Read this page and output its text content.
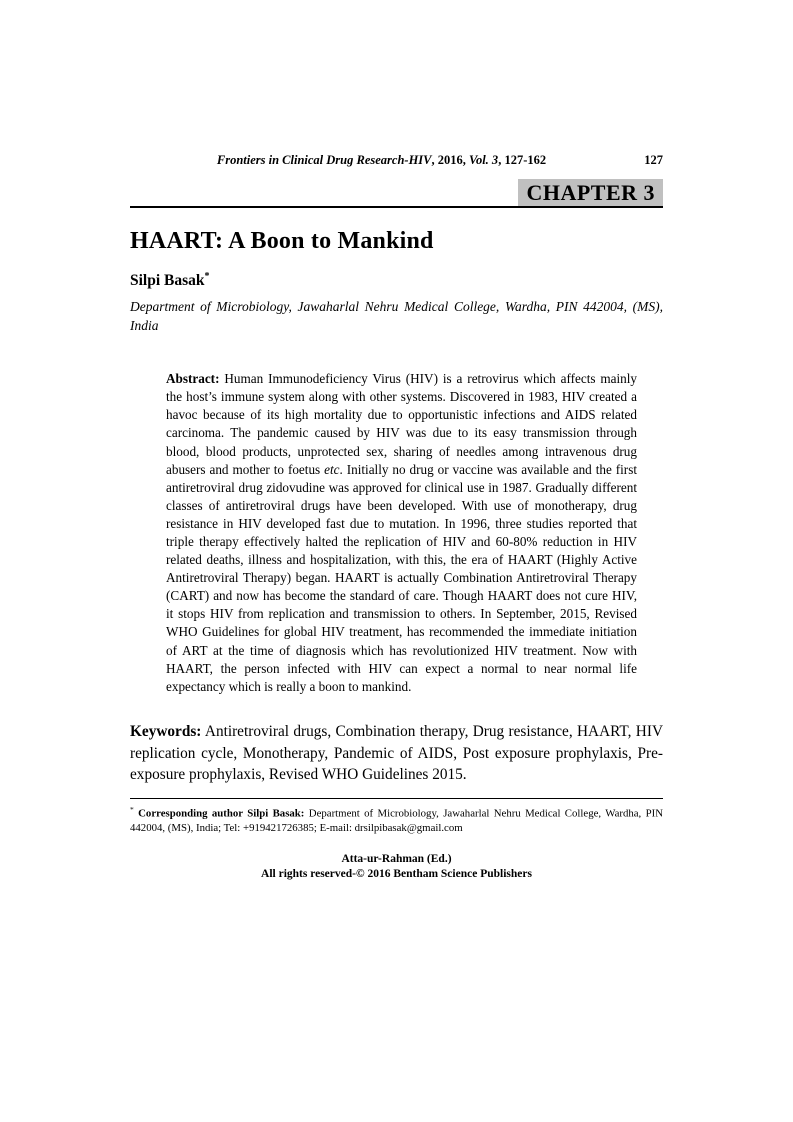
Frontiers in Clinical Drug Research-HIV, 2016, Vol. 3, 127-162	127
CHAPTER 3
HAART: A Boon to Mankind
Silpi Basak*
Department of Microbiology, Jawaharlal Nehru Medical College, Wardha, PIN 442004, (MS), India
Abstract: Human Immunodeficiency Virus (HIV) is a retrovirus which affects mainly the host’s immune system along with other systems. Discovered in 1983, HIV created a havoc because of its high mortality due to opportunistic infections and AIDS related carcinoma. The pandemic caused by HIV was due to its easy transmission through blood, blood products, unprotected sex, sharing of needles among intravenous drug abusers and mother to foetus etc. Initially no drug or vaccine was available and the first antiretroviral drug zidovudine was approved for clinical use in 1987. Gradually different classes of antiretroviral drugs have been developed. With use of monotherapy, drug resistance in HIV developed fast due to mutation. In 1996, three studies reported that triple therapy effectively halted the replication of HIV and 60-80% reduction in HIV related deaths, illness and hospitalization, with this, the era of HAART (Highly Active Antiretroviral Therapy) began. HAART is actually Combination Antiretroviral Therapy (CART) and now has become the standard of care. Though HAART does not cure HIV, it stops HIV from replication and transmission to others. In September, 2015, Revised WHO Guidelines for global HIV treatment, has recommended the immediate initiation of ART at the time of diagnosis which has revolutionized HIV treatment. Now with HAART, the person infected with HIV can expect a normal to near normal life expectancy which is really a boon to mankind.
Keywords: Antiretroviral drugs, Combination therapy, Drug resistance, HAART, HIV replication cycle, Monotherapy, Pandemic of AIDS, Post exposure prophylaxis, Pre-exposure prophylaxis, Revised WHO Guidelines 2015.
* Corresponding author Silpi Basak: Department of Microbiology, Jawaharlal Nehru Medical College, Wardha, PIN 442004, (MS), India; Tel: +919421726385; E-mail: drsilpibasak@gmail.com
Atta-ur-Rahman (Ed.)
All rights reserved-© 2016 Bentham Science Publishers
